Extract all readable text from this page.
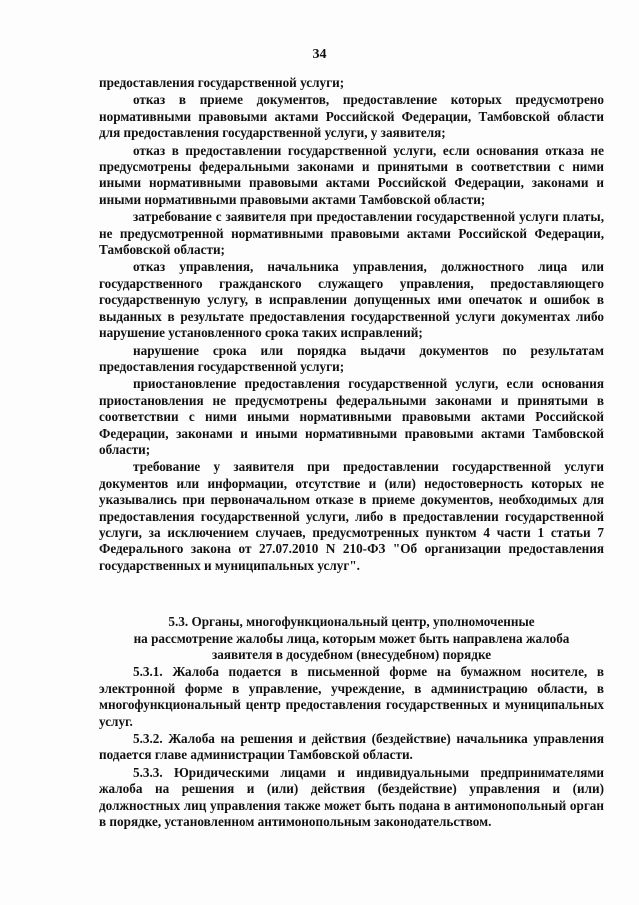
34

предоставления государственной услуги;

отказ в приеме документов, предоставление которых предусмотрено нормативными правовыми актами Российской Федерации, Тамбовской области для предоставления государственной услуги, у заявителя;

отказ в предоставлении государственной услуги, если основания отказа не предусмотрены федеральными законами и принятыми в соответствии с ними иными нормативными правовыми актами Российской Федерации, законами и иными нормативными правовыми актами Тамбовской области;

затребование с заявителя при предоставлении государственной услуги платы, не предусмотренной нормативными правовыми актами Российской Федерации, Тамбовской области;

отказ управления, начальника управления, должностного лица или государственного гражданского служащего управления, предоставляющего государственную услугу, в исправлении допущенных ими опечаток и ошибок в выданных в результате предоставления государственной услуги документах либо нарушение установленного срока таких исправлений;

нарушение срока или порядка выдачи документов по результатам предоставления государственной услуги;

приостановление предоставления государственной услуги, если основания приостановления не предусмотрены федеральными законами и принятыми в соответствии с ними иными нормативными правовыми актами Российской Федерации, законами и иными нормативными правовыми актами Тамбовской области;

требование у заявителя при предоставлении государственной услуги документов или информации, отсутствие и (или) недостоверность которых не указывались при первоначальном отказе в приеме документов, необходимых для предоставления государственной услуги, либо в предоставлении государственной услуги, за исключением случаев, предусмотренных пунктом 4 части 1 статьи 7 Федерального закона от 27.07.2010 N 210-ФЗ "Об организации предоставления государственных и муниципальных услуг".

5.3. Органы, многофункциональный центр, уполномоченные
на рассмотрение жалобы лица, которым может быть направлена жалоба
заявителя в досудебном (внесудебном) порядке

5.3.1. Жалоба подается в письменной форме на бумажном носителе, в электронной форме в управление, учреждение, в администрацию области, в многофункциональный центр предоставления государственных и муниципальных услуг.

5.3.2. Жалоба на решения и действия (бездействие) начальника управления подается главе администрации Тамбовской области.

5.3.3. Юридическими лицами и индивидуальными предпринимателями жалоба на решения и (или) действия (бездействие) управления и (или) должностных лиц управления также может быть подана в антимонопольный орган в порядке, установленном антимонопольным законодательством.
